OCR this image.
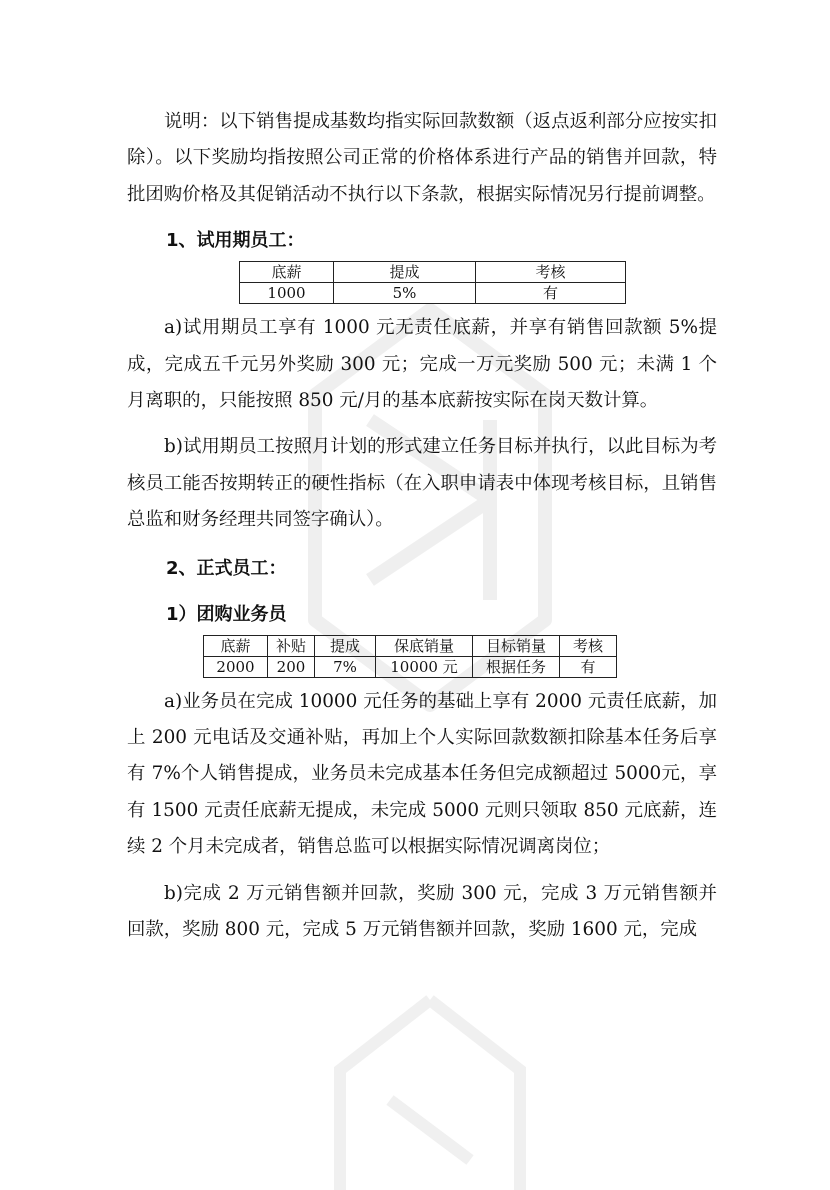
说明：以下销售提成基数均指实际回款数额（返点返利部分应按实扣除）。以下奖励均指按照公司正常的价格体系进行产品的销售并回款，特批团购价格及其促销活动不执行以下条款，根据实际情况另行提前调整。

1、试用期员工：
底薪	提成	考核
1000	5%	有

a)试用期员工享有 1000 元无责任底薪，并享有销售回款额 5%提成，完成五千元另外奖励 300 元；完成一万元奖励 500 元；未满 1 个月离职的，只能按照 850 元/月的基本底薪按实际在岗天数计算。

b)试用期员工按照月计划的形式建立任务目标并执行，以此目标为考核员工能否按期转正的硬性指标（在入职申请表中体现考核目标，且销售总监和财务经理共同签字确认）。

2、正式员工：
1）团购业务员
底薪	补贴	提成	保底销量	目标销量	考核
2000	200	7%	10000 元	根据任务	有

a)业务员在完成 10000 元任务的基础上享有 2000 元责任底薪，加上 200 元电话及交通补贴，再加上个人实际回款数额扣除基本任务后享有 7%个人销售提成，业务员未完成基本任务但完成额超过 5000元，享有 1500 元责任底薪无提成，未完成 5000 元则只领取 850 元底薪，连续 2 个月未完成者，销售总监可以根据实际情况调离岗位；

b)完成 2 万元销售额并回款，奖励 300 元，完成 3 万元销售额并回款，奖励 800 元，完成 5 万元销售额并回款，奖励 1600 元，完成
